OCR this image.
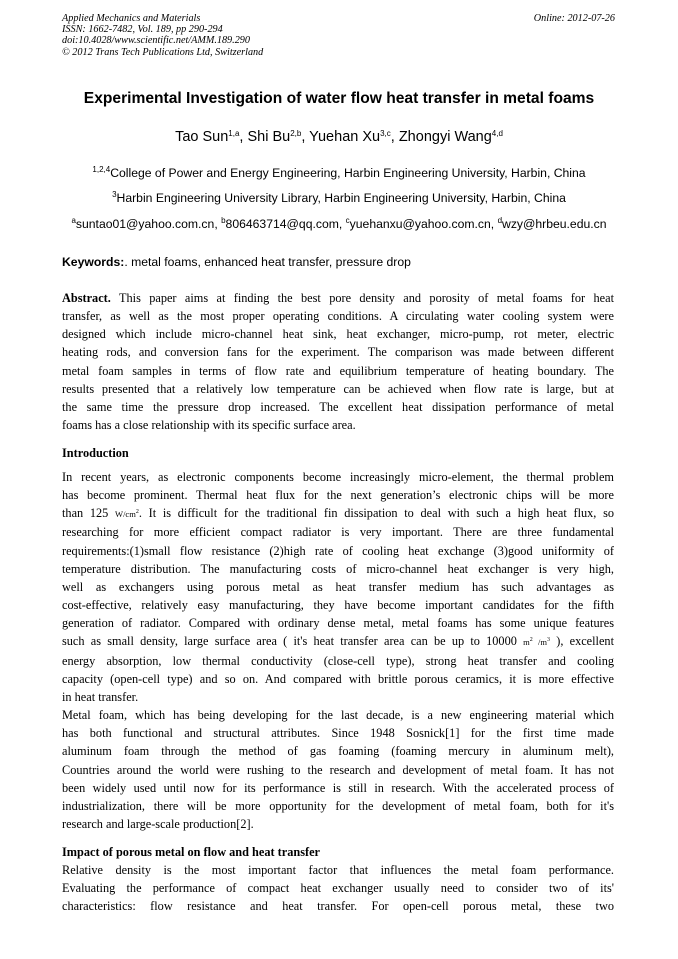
Applied Mechanics and Materials
ISSN: 1662-7482, Vol. 189, pp 290-294
doi:10.4028/www.scientific.net/AMM.189.290
© 2012 Trans Tech Publications Ltd, Switzerland
Online: 2012-07-26
Experimental Investigation of water flow heat transfer in metal foams
Tao Sun$^{1,a}$, Shi Bu$^{2,b}$, Yuehan Xu$^{3,c}$, Zhongyi Wang$^{4,d}$
$^{1,2,4}$College of Power and Energy Engineering, Harbin Engineering University, Harbin, China
$^3$Harbin Engineering University Library, Harbin Engineering University, Harbin, China
$^a$suntao01@yahoo.com.cn, $^b$806463714@qq.com, $^c$yuehanxu@yahoo.com.cn, $^d$wzy@hrbeu.edu.cn
Keywords:. metal foams, enhanced heat transfer, pressure drop
Abstract. This paper aims at finding the best pore density and porosity of metal foams for heat
transfer, as well as the most proper operating conditions. A circulating water cooling system were
designed which include micro-channel heat sink, heat exchanger, micro-pump, rot meter, electric
heating rods, and conversion fans for the experiment. The comparison was made between different
metal foam samples in terms of flow rate and equilibrium temperature of heating boundary. The
results presented that a relatively low temperature can be achieved when flow rate is large, but at
the same time the pressure drop increased. The excellent heat dissipation performance of metal
foams has a close relationship with its specific surface area.
Introduction
In recent years, as electronic components become increasingly micro-element, the thermal problem
has become prominent. Thermal heat flux for the next generation’s electronic chips will be more
than 125 $W/cm^2$. It is difficult for the traditional fin dissipation to deal with such a high heat flux, so
researching for more efficient compact radiator is very important. There are three fundamental
requirements:(1)small flow resistance (2)high rate of cooling heat exchange (3)good uniformity of
temperature distribution. The manufacturing costs of micro-channel heat exchanger is very high,
well as exchangers using porous metal as heat transfer medium has such advantages as
cost-effective, relatively easy manufacturing, they have become important candidates for the fifth
generation of radiator. Compared with ordinary dense metal, metal foams has some unique features
such as small density, large surface area ( it's heat transfer area can be up to 10000 $m^2$ $/m^3$ ), excellent
energy absorption, low thermal conductivity (close-cell type), strong heat transfer and cooling
capacity (open-cell type) and so on. And compared with brittle porous ceramics, it is more effective
in heat transfer.
Metal foam, which has being developing for the last decade, is a new engineering material which
has both functional and structural attributes. Since 1948 Sosnick[1] for the first time made
aluminum foam through the method of gas foaming (foaming mercury in aluminum melt),
Countries around the world were rushing to the research and development of metal foam. It has not
been widely used until now for its performance is still in research. With the accelerated process of
industrialization, there will be more opportunity for the development of metal foam, both for it's
research and large-scale production[2].
Impact of porous metal on flow and heat transfer
Relative density is the most important factor that influences the metal foam performance.
Evaluating the performance of compact heat exchanger usually need to consider two of its'
characteristics: flow resistance and heat transfer. For open-cell porous metal, these two
